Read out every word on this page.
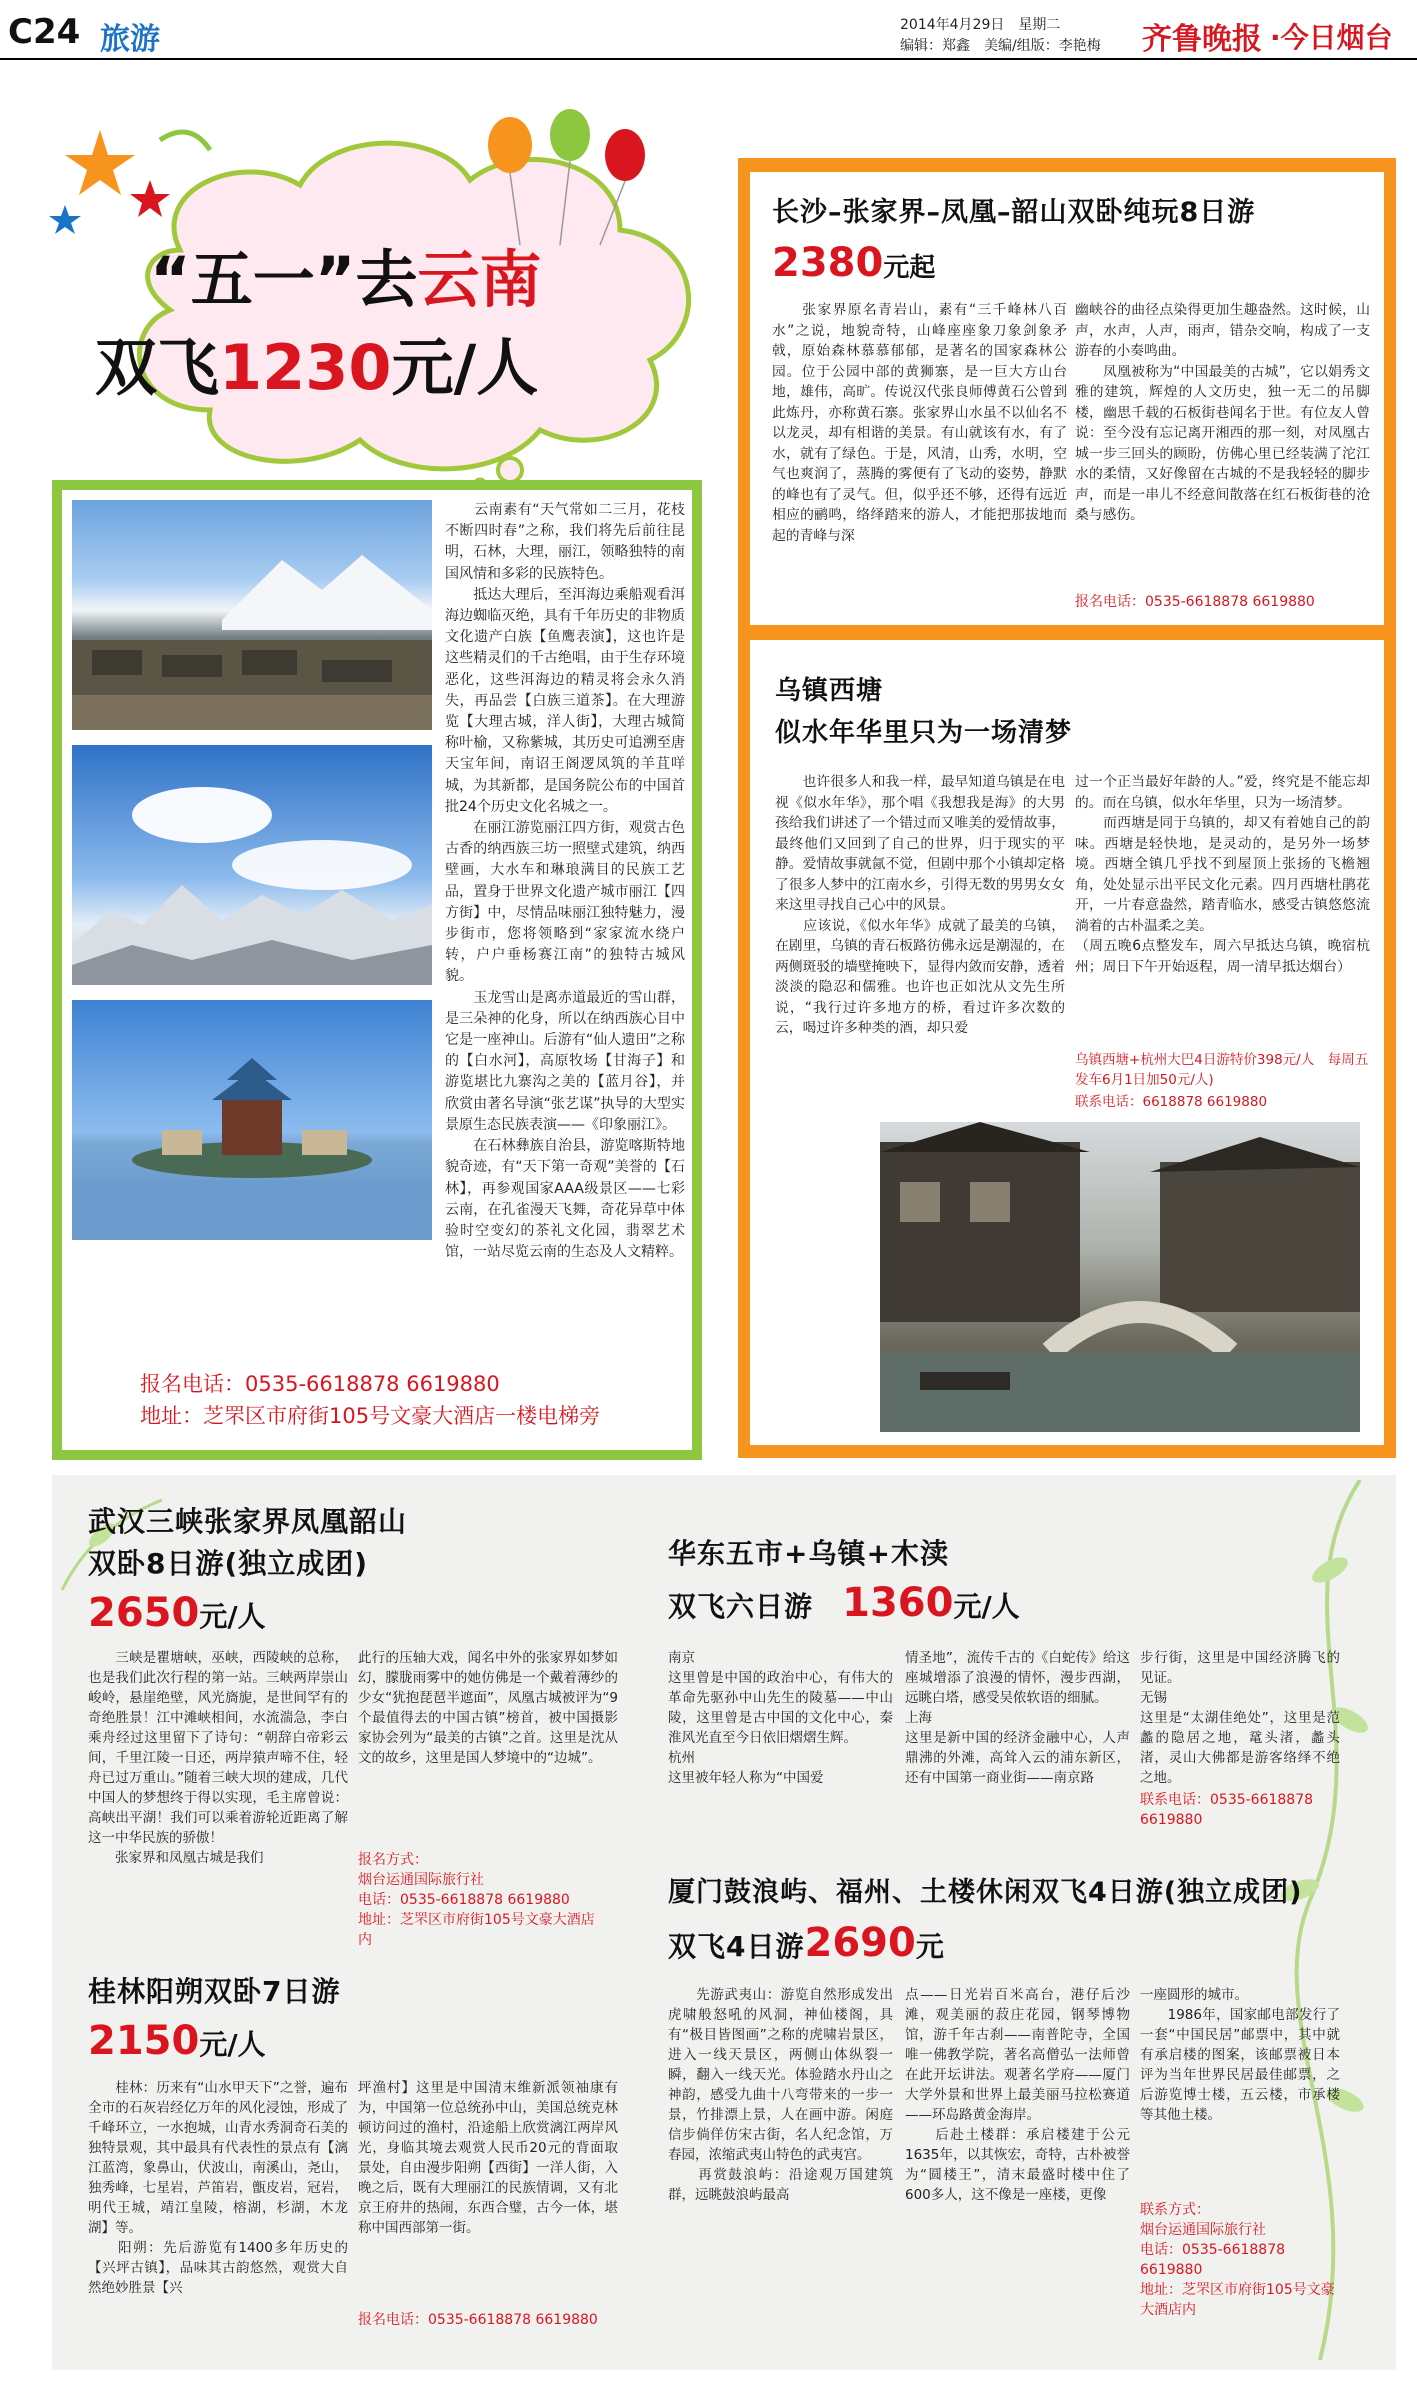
C24 旅游	2014年4月29日　星期二
编辑：郑鑫　美编/组版：李艳梅 齐鲁晚报 ·今日烟台
“五一”去云南
双飞1230元/人
　　云南素有“天气常如二三月，花枝不断四时春”之称，我们将先后前往昆明，石林，大理，丽江，领略独特的南国风情和多彩的民族特色。
　　抵达大理后，至洱海边乘船观看洱海边蜘临灭绝，具有千年历史的非物质文化遗产白族【鱼鹰表演】，这也许是这些精灵们的千古绝唱，由于生存环境恶化，这些洱海边的精灵将会永久消失，再品尝【白族三道茶】。在大理游览【大理古城，洋人街】，大理古城简称叶榆，又称紫城，其历史可追溯至唐天宝年间，南诏王阁逻凤筑的羊苴咩城，为其新都，是国务院公布的中国首批24个历史文化名城之一。
　　在丽江游览丽江四方街，观赏古色古香的纳西族三坊一照壁式建筑，纳西壁画，大水车和琳琅满目的民族工艺品，置身于世界文化遗产城市丽江【四方街】中，尽情品味丽江独特魅力，漫步街市，您将领略到“家家流水绕户转，户户垂杨赛江南”的独特古城风貌。
　　玉龙雪山是离赤道最近的雪山群，是三朵神的化身，所以在纳西族心目中它是一座神山。后游有“仙人遗田”之称的【白水河】，高原牧场【甘海子】和游览堪比九寨沟之美的【蓝月谷】，并欣赏由著名导演“张艺谋”执导的大型实景原生态民族表演——《印象丽江》。
　　在石林彝族自治县，游览喀斯特地貌奇迹，有“天下第一奇观”美誉的【石林】，再参观国家AAA级景区——七彩云南，在孔雀漫天飞舞，奇花异草中体验时空变幻的茶礼文化园，翡翠艺术馆，一站尽览云南的生态及人文精粹。
报名电话：0535-6618878 6619880
地址：芝罘区市府街105号文豪大酒店一楼电梯旁
长沙–张家界–凤凰–韶山双卧纯玩8日游
2380元起
　　张家界原名青岩山，素有“三千峰林八百水”之说，地貌奇特，山峰座座象刀象剑象矛戟，原始森林慕慕郁郁，是著名的国家森林公园。位于公园中部的黄狮寨，是一巨大方山台地，雄伟，高旷。传说汉代张良师傅黄石公曾到此炼丹，亦称黄石寨。张家界山水虽不以仙名不以龙灵，却有相谐的美景。有山就该有水，有了水，就有了绿色。于是，风清，山秀，水明，空气也爽润了，蒸腾的雾便有了飞动的姿势，静默的峰也有了灵气。但，似乎还不够，还得有远近相应的鹂鸣，络绎踏来的游人，才能把那拔地而起的青峰与深
幽峡谷的曲径点染得更加生趣盎然。这时候，山声，水声，人声，雨声，错杂交响，构成了一支游春的小奏鸣曲。
　　凤凰被称为“中国最美的古城”，它以娟秀文雅的建筑，辉煌的人文历史，独一无二的吊脚楼，幽思千载的石板街巷闻名于世。有位友人曾说：至今没有忘记离开湘西的那一刻，对凤凰古城一步三回头的顾盼，仿佛心里已经装满了沱江水的柔情，又好像留在古城的不是我轻轻的脚步声，而是一串儿不经意间散落在红石板街巷的沧桑与感伤。
报名电话：0535-6618878 6619880
乌镇西塘
似水年华里只为一场清梦
　　也许很多人和我一样，最早知道乌镇是在电视《似水年华》，那个唱《我想我是海》的大男孩给我们讲述了一个错过而又唯美的爱情故事，最终他们又回到了自己的世界，归于现实的平静。爱情故事就氤不觉，但剧中那个小镇却定格了很多人梦中的江南水乡，引得无数的男男女女来这里寻找自己心中的风景。
　　应该说，《似水年华》成就了最美的乌镇，在剧里，乌镇的青石板路彷佛永远是潮湿的，在两侧斑驳的墙壁掩映下，显得内敛而安静，透着淡淡的隐忍和儒雅。也许也正如沈从文先生所说，“我行过许多地方的桥，看过许多次数的云，喝过许多种类的酒，却只爱
过一个正当最好年龄的人。”爱，终究是不能忘却的。而在乌镇，似水年华里，只为一场清梦。
　　而西塘是同于乌镇的，却又有着她自己的韵味。西塘是轻快地，是灵动的，是另外一场梦境。西塘全镇几乎找不到屋顶上张扬的飞檐翘角，处处显示出平民文化元素。四月西塘杜鹃花开，一片春意盎然，踏青临水，感受古镇悠悠流淌着的古朴温柔之美。
（周五晚6点整发车，周六早抵达乌镇，晚宿杭州；周日下午开始返程，周一清早抵达烟台）
乌镇西塘+杭州大巴4日游特价398元/人　每周五发车6月1日加50元/人)
联系电话：6618878 6619880
武汉三峡张家界凤凰韶山
双卧8日游(独立成团)
2650元/人
　　三峡是瞿塘峡，巫峡，西陵峡的总称，也是我们此次行程的第一站。三峡两岸崇山峻岭，悬崖绝壁，风光旖旎，是世间罕有的奇绝胜景！江中滩峡相间，水流湍急，李白乘舟经过这里留下了诗句：“朝辞白帝彩云间，千里江陵一日还，两岸猿声啼不住，轻舟已过万重山。”随着三峡大坝的建成，几代中国人的梦想终于得以实现，毛主席曾说：高峡出平湖！我们可以乘着游轮近距离了解这一中华民族的骄傲！
　　张家界和凤凰古城是我们
此行的压轴大戏，闻名中外的张家界如梦如幻，朦胧雨雾中的她仿佛是一个戴着薄纱的少女“犹抱琵琶半遮面”，凤凰古城被评为“9个最值得去的中国古镇”榜首，被中国摄影家协会列为“最美的古镇”之首。这里是沈从文的故乡，这里是国人梦境中的“边城”。
报名方式：
烟台运通国际旅行社
电话：0535-6618878 6619880
地址：芝罘区市府街105号文豪大酒店内
桂林阳朔双卧7日游
2150元/人
　　桂林：历来有“山水甲天下”之誉，遍布全市的石灰岩经亿万年的风化浸蚀，形成了千峰环立，一水抱城，山青水秀洞奇石美的独特景观，其中最具有代表性的景点有【漓江蓝湾，象鼻山，伏波山，南溪山，尧山，独秀峰，七星岩，芦笛岩，甑皮岩，冠岩，明代王城，靖江皇陵，榕湖，杉湖，木龙湖】等。
　　阳朔：先后游览有1400多年历史的【兴坪古镇】，品味其古韵悠然，观赏大自然绝妙胜景【兴
坪渔村】这里是中国清末维新派领袖康有为，中国第一位总统孙中山，美国总统克林顿访问过的渔村，沿途船上欣赏漓江两岸风光，身临其境去观赏人民币20元的背面取景处，自由漫步阳朔【西街】一洋人街，入晚之后，既有大理丽江的民族情调，又有北京王府井的热闹，东西合璧，古今一体，堪称中国西部第一街。
报名电话：0535-6618878 6619880
华东五市+乌镇+木渎
双飞六日游 1360元/人
南京
这里曾是中国的政治中心，有伟大的革命先驱孙中山先生的陵墓——中山陵，这里曾是古中国的文化中心，秦淮风光直至今日依旧熠熠生辉。
杭州
这里被年轻人称为“中国爱
情圣地”，流传千古的《白蛇传》给这座城增添了浪漫的情怀，漫步西湖，远眺白塔，感受吴侬软语的细腻。
上海
这里是新中国的经济金融中心，人声鼎沸的外滩，高耸入云的浦东新区，还有中国第一商业街——南京路
步行街，这里是中国经济腾飞的见证。
无锡
这里是“太湖佳绝处”，这里是范蠡的隐居之地，鼋头渚，蠡头渚，灵山大佛都是游客络绎不绝之地。
联系电话：0535-6618878 6619880
厦门鼓浪屿、福州、土楼休闲双飞4日游(独立成团)
双飞4日游2690元
　　先游武夷山：游览自然形成发出虎啸般怒吼的风洞，神仙楼阁，具有“极目皆图画”之称的虎啸岩景区，进入一线天景区，两侧山体纵裂一瞬，翻入一线天光。体验踏水丹山之神韵，感受九曲十八弯带来的一步一景，竹排漂上景，人在画中游。闲庭信步倘佯仿宋古街，名人纪念馆，万春园，浓缩武夷山特色的武夷宫。
　　再赏鼓浪屿：沿途观万国建筑群，远眺鼓浪屿最高
点——日光岩百米高台，港仔后沙滩，观美丽的菽庄花园，钢琴博物馆，游千年古刹——南普陀寺，全国唯一佛教学院，著名高僧弘一法师曾在此开坛讲法。观著名学府——厦门大学外景和世界上最美丽马拉松赛道——环岛路黄金海岸。
　　后赴土楼群：承启楼建于公元1635年，以其恢宏，奇特，古朴被誉为“圆楼王”，清末最盛时楼中住了600多人，这不像是一座楼，更像
一座圆形的城市。
　　1986年，国家邮电部发行了一套“中国民居”邮票中，其中就有承启楼的图案，该邮票被日本评为当年世界民居最佳邮票，之后游览博士楼，五云楼，市承楼等其他土楼。
联系方式：
烟台运通国际旅行社
电话：0535-6618878 6619880
地址：芝罘区市府街105号文豪大酒店内
